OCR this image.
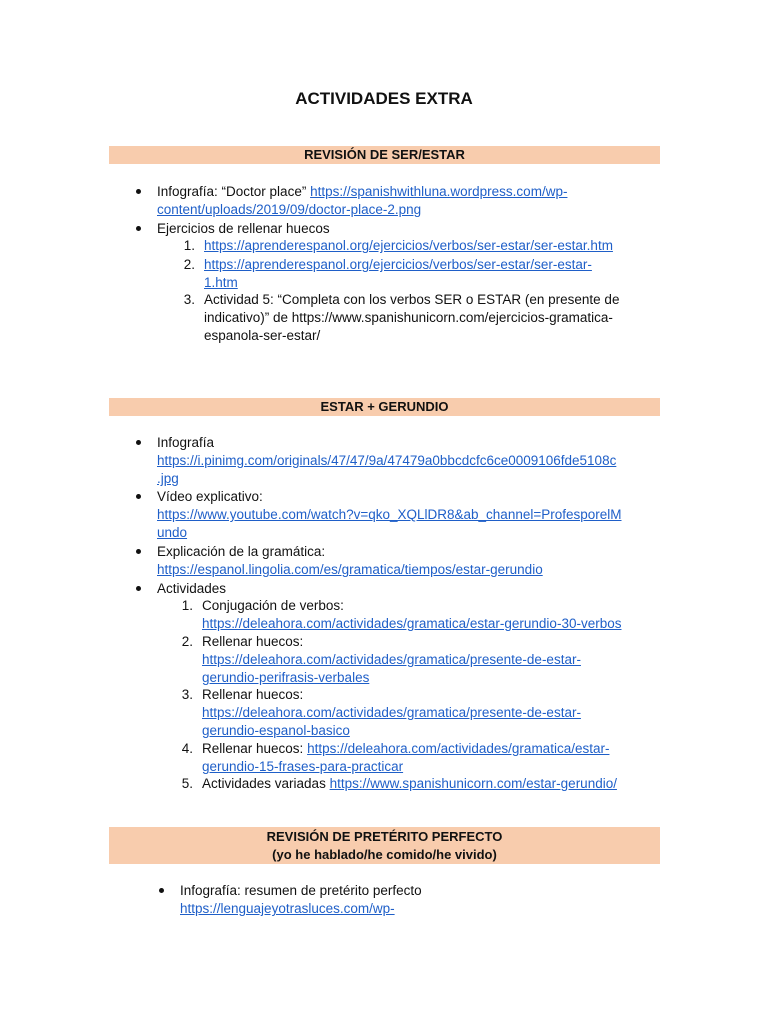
ACTIVIDADES EXTRA
REVISIÓN DE SER/ESTAR
Infografía: “Doctor place” https://spanishwithluna.wordpress.com/wp-
content/uploads/2019/09/doctor-place-2.png
Ejercicios de rellenar huecos
1. https://aprenderespanol.org/ejercicios/verbos/ser-estar/ser-estar.htm
2. https://aprenderespanol.org/ejercicios/verbos/ser-estar/ser-estar-
1.htm
3. Actividad 5: “Completa con los verbos SER o ESTAR (en presente de
indicativo)” de https://www.spanishunicorn.com/ejercicios-gramatica-
espanola-ser-estar/
ESTAR + GERUNDIO
Infografía
https://i.pinimg.com/originals/47/47/9a/47479a0bbcdcfc6ce0009106fde5108c
.jpg
Vídeo explicativo:
https://www.youtube.com/watch?v=qko_XQLlDR8&ab_channel=ProfesporelM
undo
Explicación de la gramática:
https://espanol.lingolia.com/es/gramatica/tiempos/estar-gerundio
Actividades
1. Conjugación de verbos:
https://deleahora.com/actividades/gramatica/estar-gerundio-30-verbos
2. Rellenar huecos:
https://deleahora.com/actividades/gramatica/presente-de-estar-
gerundio-perifrasis-verbales
3. Rellenar huecos:
https://deleahora.com/actividades/gramatica/presente-de-estar-
gerundio-espanol-basico
4. Rellenar huecos: https://deleahora.com/actividades/gramatica/estar-
gerundio-15-frases-para-practicar
5. Actividades variadas https://www.spanishunicorn.com/estar-gerundio/
REVISIÓN DE PRETÉRITO PERFECTO
(yo he hablado/he comido/he vivido)
Infografía: resumen de pretérito perfecto
https://lenguajeyotrasluces.com/wp-
